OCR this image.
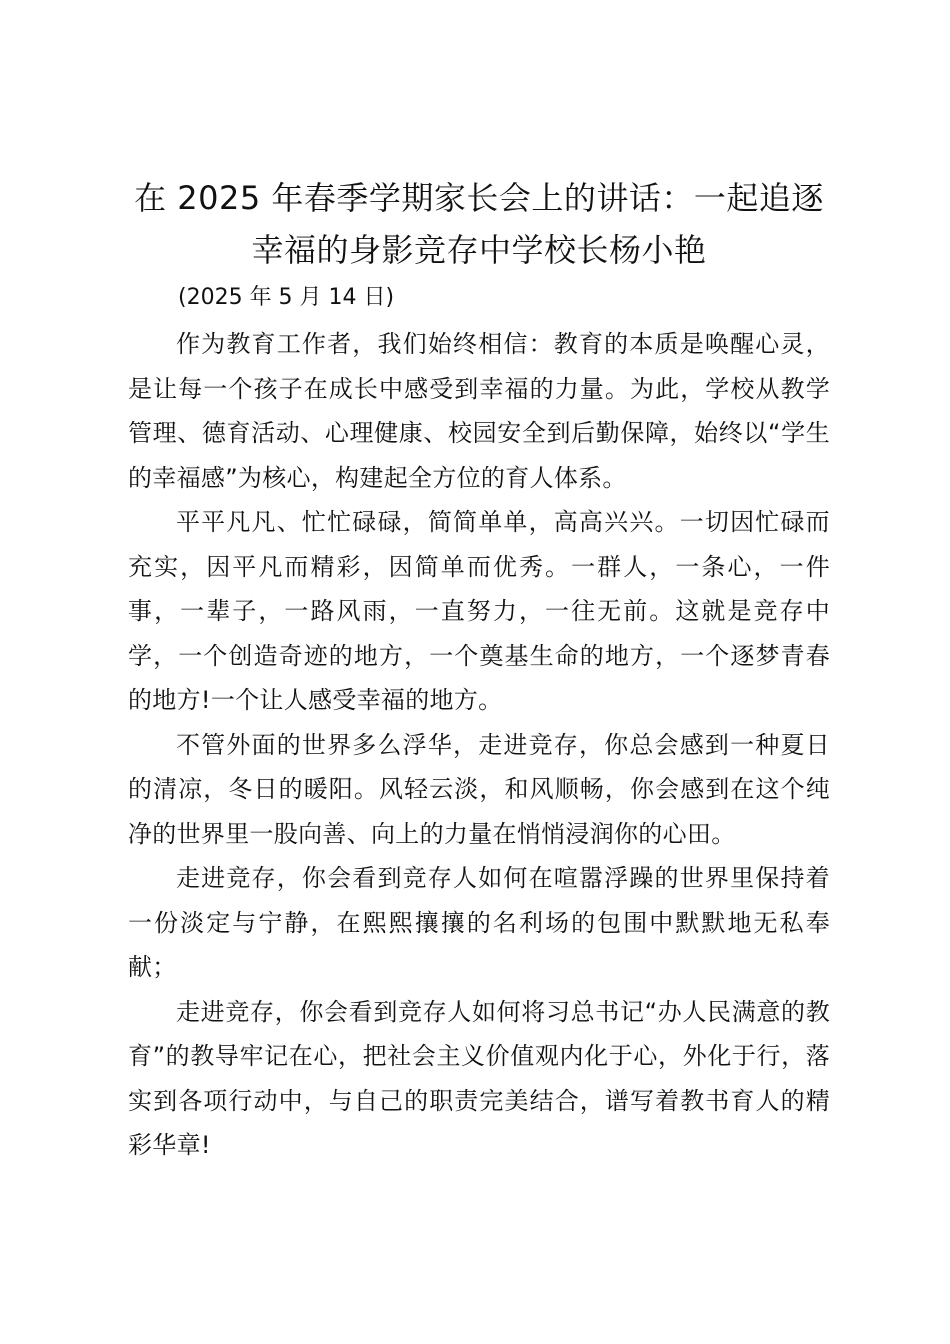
在 2025 年春季学期家长会上的讲话：一起追逐幸福的身影竞存中学校长杨小艳
(2025 年 5 月 14 日)

作为教育工作者，我们始终相信：教育的本质是唤醒心灵，是让每一个孩子在成长中感受到幸福的力量。为此，学校从教学管理、德育活动、心理健康、校园安全到后勤保障，始终以“学生的幸福感”为核心，构建起全方位的育人体系。

平平凡凡、忙忙碌碌，简简单单，高高兴兴。一切因忙碌而充实，因平凡而精彩，因简单而优秀。一群人，一条心，一件事，一辈子，一路风雨，一直努力，一往无前。这就是竞存中学，一个创造奇迹的地方，一个奠基生命的地方，一个逐梦青春的地方!一个让人感受幸福的地方。

不管外面的世界多么浮华，走进竞存，你总会感到一种夏日的清凉，冬日的暖阳。风轻云淡，和风顺畅，你会感到在这个纯净的世界里一股向善、向上的力量在悄悄浸润你的心田。

走进竞存，你会看到竞存人如何在喧嚣浮躁的世界里保持着一份淡定与宁静，在熙熙攘攘的名利场的包围中默默地无私奉献；

走进竞存，你会看到竞存人如何将习总书记“办人民满意的教育”的教导牢记在心，把社会主义价值观内化于心，外化于行，落实到各项行动中，与自己的职责完美结合，谱写着教书育人的精彩华章!
